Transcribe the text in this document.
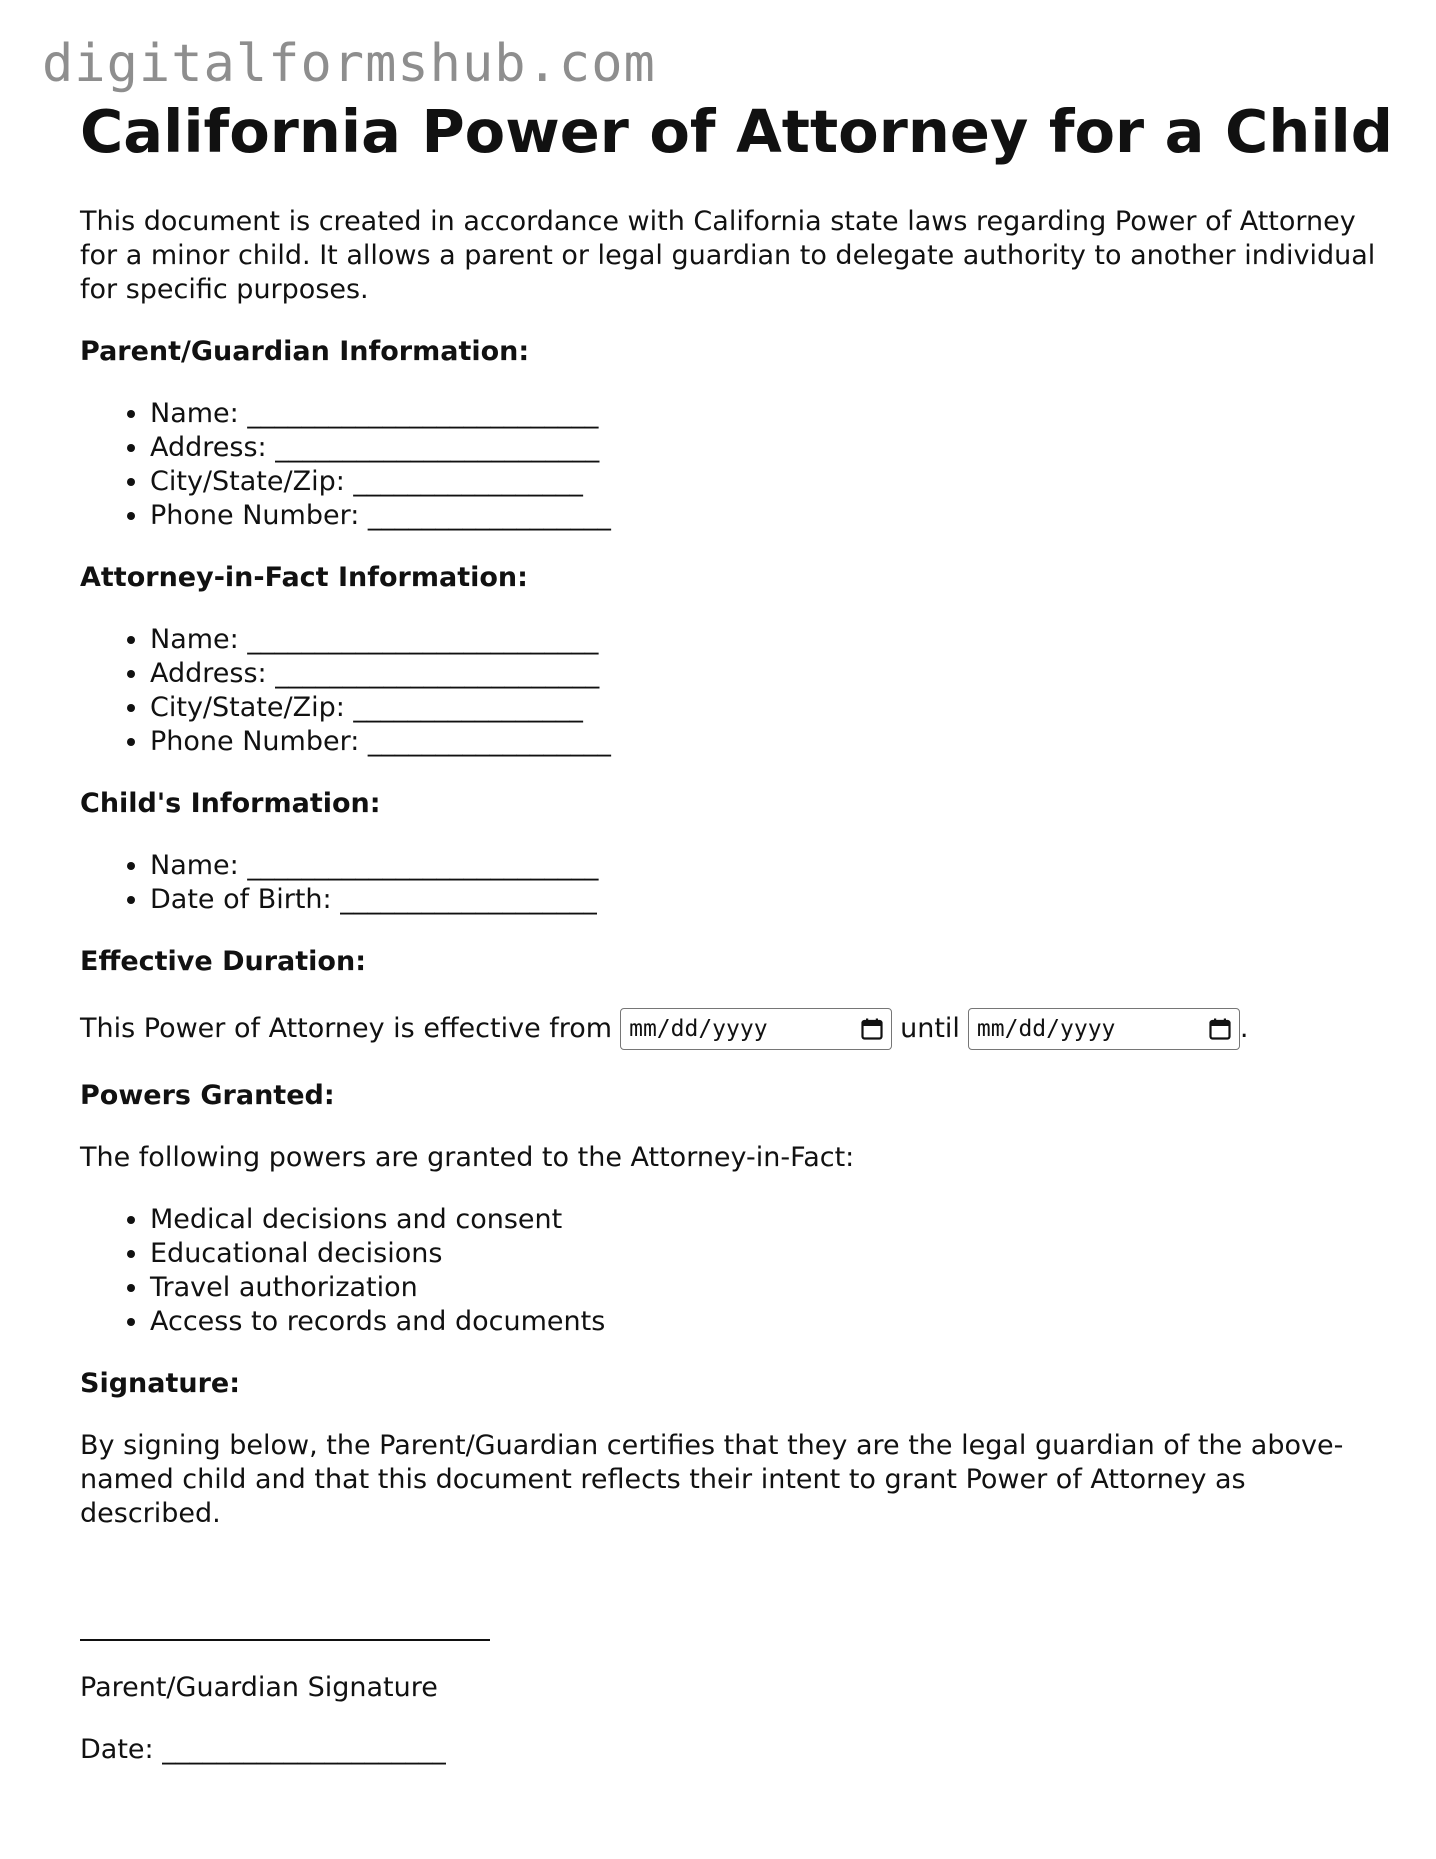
digitalformshub.com
California Power of Attorney for a Child

This document is created in accordance with California state laws regarding Power of Attorney for a minor child. It allows a parent or legal guardian to delegate authority to another individual for specific purposes.

Parent/Guardian Information:
• Name: __________________________
• Address: ________________________
• City/State/Zip: _________________
• Phone Number: __________________
Attorney-in-Fact Information:
• Name: __________________________
• Address: ________________________
• City/State/Zip: _________________
• Phone Number: __________________
Child's Information:
• Name: __________________________
• Date of Birth: ___________________
Effective Duration:

This Power of Attorney is effective from mm/dd/yyyy	until mm/dd/yyyy	.

Powers Granted:

The following powers are granted to the Attorney-in-Fact:

• Medical decisions and consent
• Educational decisions
• Travel authorization
• Access to records and documents
Signature:

By signing below, the Parent/Guardian certifies that they are the legal guardian of the above-named child and that this document reflects their intent to grant Power of Attorney as described.

Parent/Guardian Signature

Date: _____________________
